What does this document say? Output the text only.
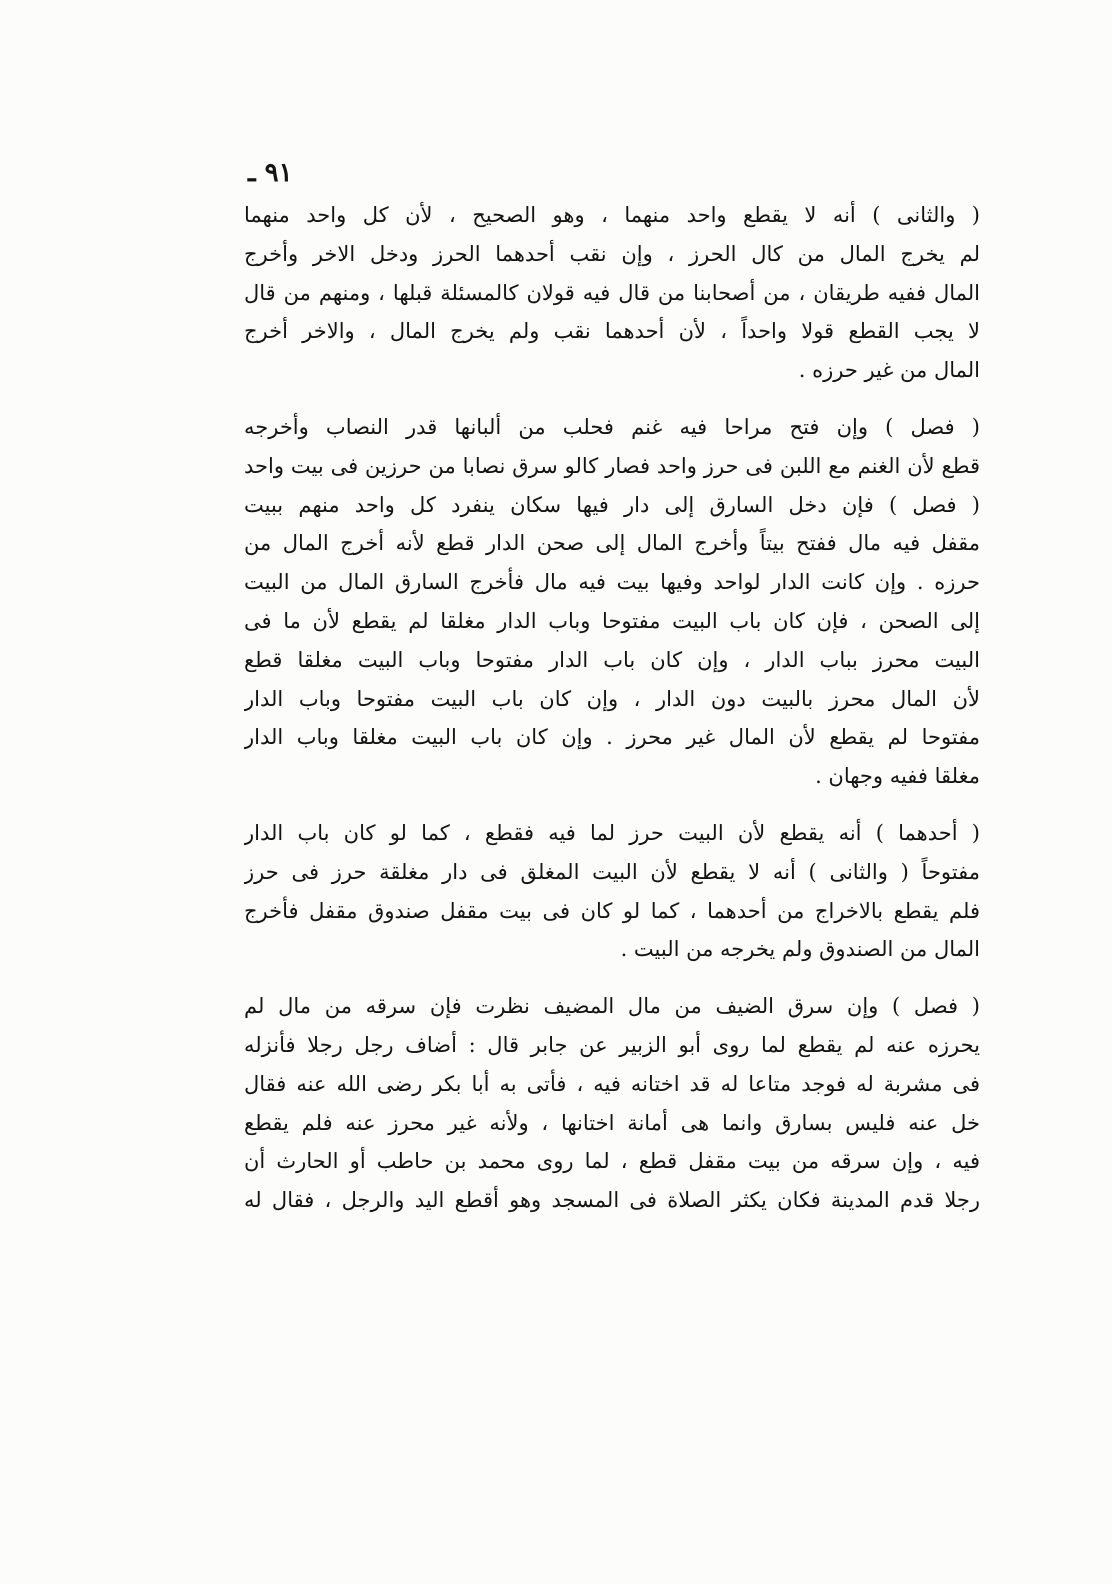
٩١ ـ
( والثانى ) أنه لا يقطع واحد منهما ، وهو الصحيح ، لأن كل واحد منهما
لم يخرج المال من كال الحرز ، وإن نقب أحدهما الحرز ودخل الاخر وأخرج
المال ففيه طريقان ، من أصحابنا من قال فيه قولان كالمسئلة قبلها ، ومنهم من قال
لا يجب القطع قولا واحداً ، لأن أحدهما نقب ولم يخرج المال ، والاخر أخرج
المال من غير حرزه .
( فصل ) وإن فتح مراحا فيه غنم فحلب من ألبانها قدر النصاب وأخرجه
قطع لأن الغنم مع اللبن فى حرز واحد فصار كالو سرق نصابا من حرزين فى بيت واحد
( فصل ) فإن دخل السارق إلى دار فيها سكان ينفرد كل واحد منهم ببيت
مقفل فيه مال ففتح بيتاً وأخرج المال إلى صحن الدار قطع لأنه أخرج المال من
حرزه . وإن كانت الدار لواحد وفيها بيت فيه مال فأخرج السارق المال من البيت
إلى الصحن ، فإن كان باب البيت مفتوحا وباب الدار مغلقا لم يقطع لأن ما فى
البيت محرز بباب الدار ، وإن كان باب الدار مفتوحا وباب البيت مغلقا قطع
لأن المال محرز بالبيت دون الدار ، وإن كان باب البيت مفتوحا وباب الدار
مفتوحا لم يقطع لأن المال غير محرز . وإن كان باب البيت مغلقا وباب الدار
مغلقا ففيه وجهان .
( أحدهما ) أنه يقطع لأن البيت حرز لما فيه فقطع ، كما لو كان باب الدار
مفتوحاً ( والثانى ) أنه لا يقطع لأن البيت المغلق فى دار مغلقة حرز فى حرز
فلم يقطع بالاخراج من أحدهما ، كما لو كان فى بيت مقفل صندوق مقفل فأخرج
المال من الصندوق ولم يخرجه من البيت .
( فصل ) وإن سرق الضيف من مال المضيف نظرت فإن سرقه من مال لم
يحرزه عنه لم يقطع لما روى أبو الزبير عن جابر قال : أضاف رجل رجلا فأنزله
فى مشربة له فوجد متاعا له قد اختانه فيه ، فأتى به أبا بكر رضى الله عنه فقال
خل عنه فليس بسارق وانما هى أمانة اختانها ، ولأنه غير محرز عنه فلم يقطع
فيه ، وإن سرقه من بيت مقفل قطع ، لما روى محمد بن حاطب أو الحارث أن
رجلا قدم المدينة فكان يكثر الصلاة فى المسجد وهو أقطع اليد والرجل ، فقال له
